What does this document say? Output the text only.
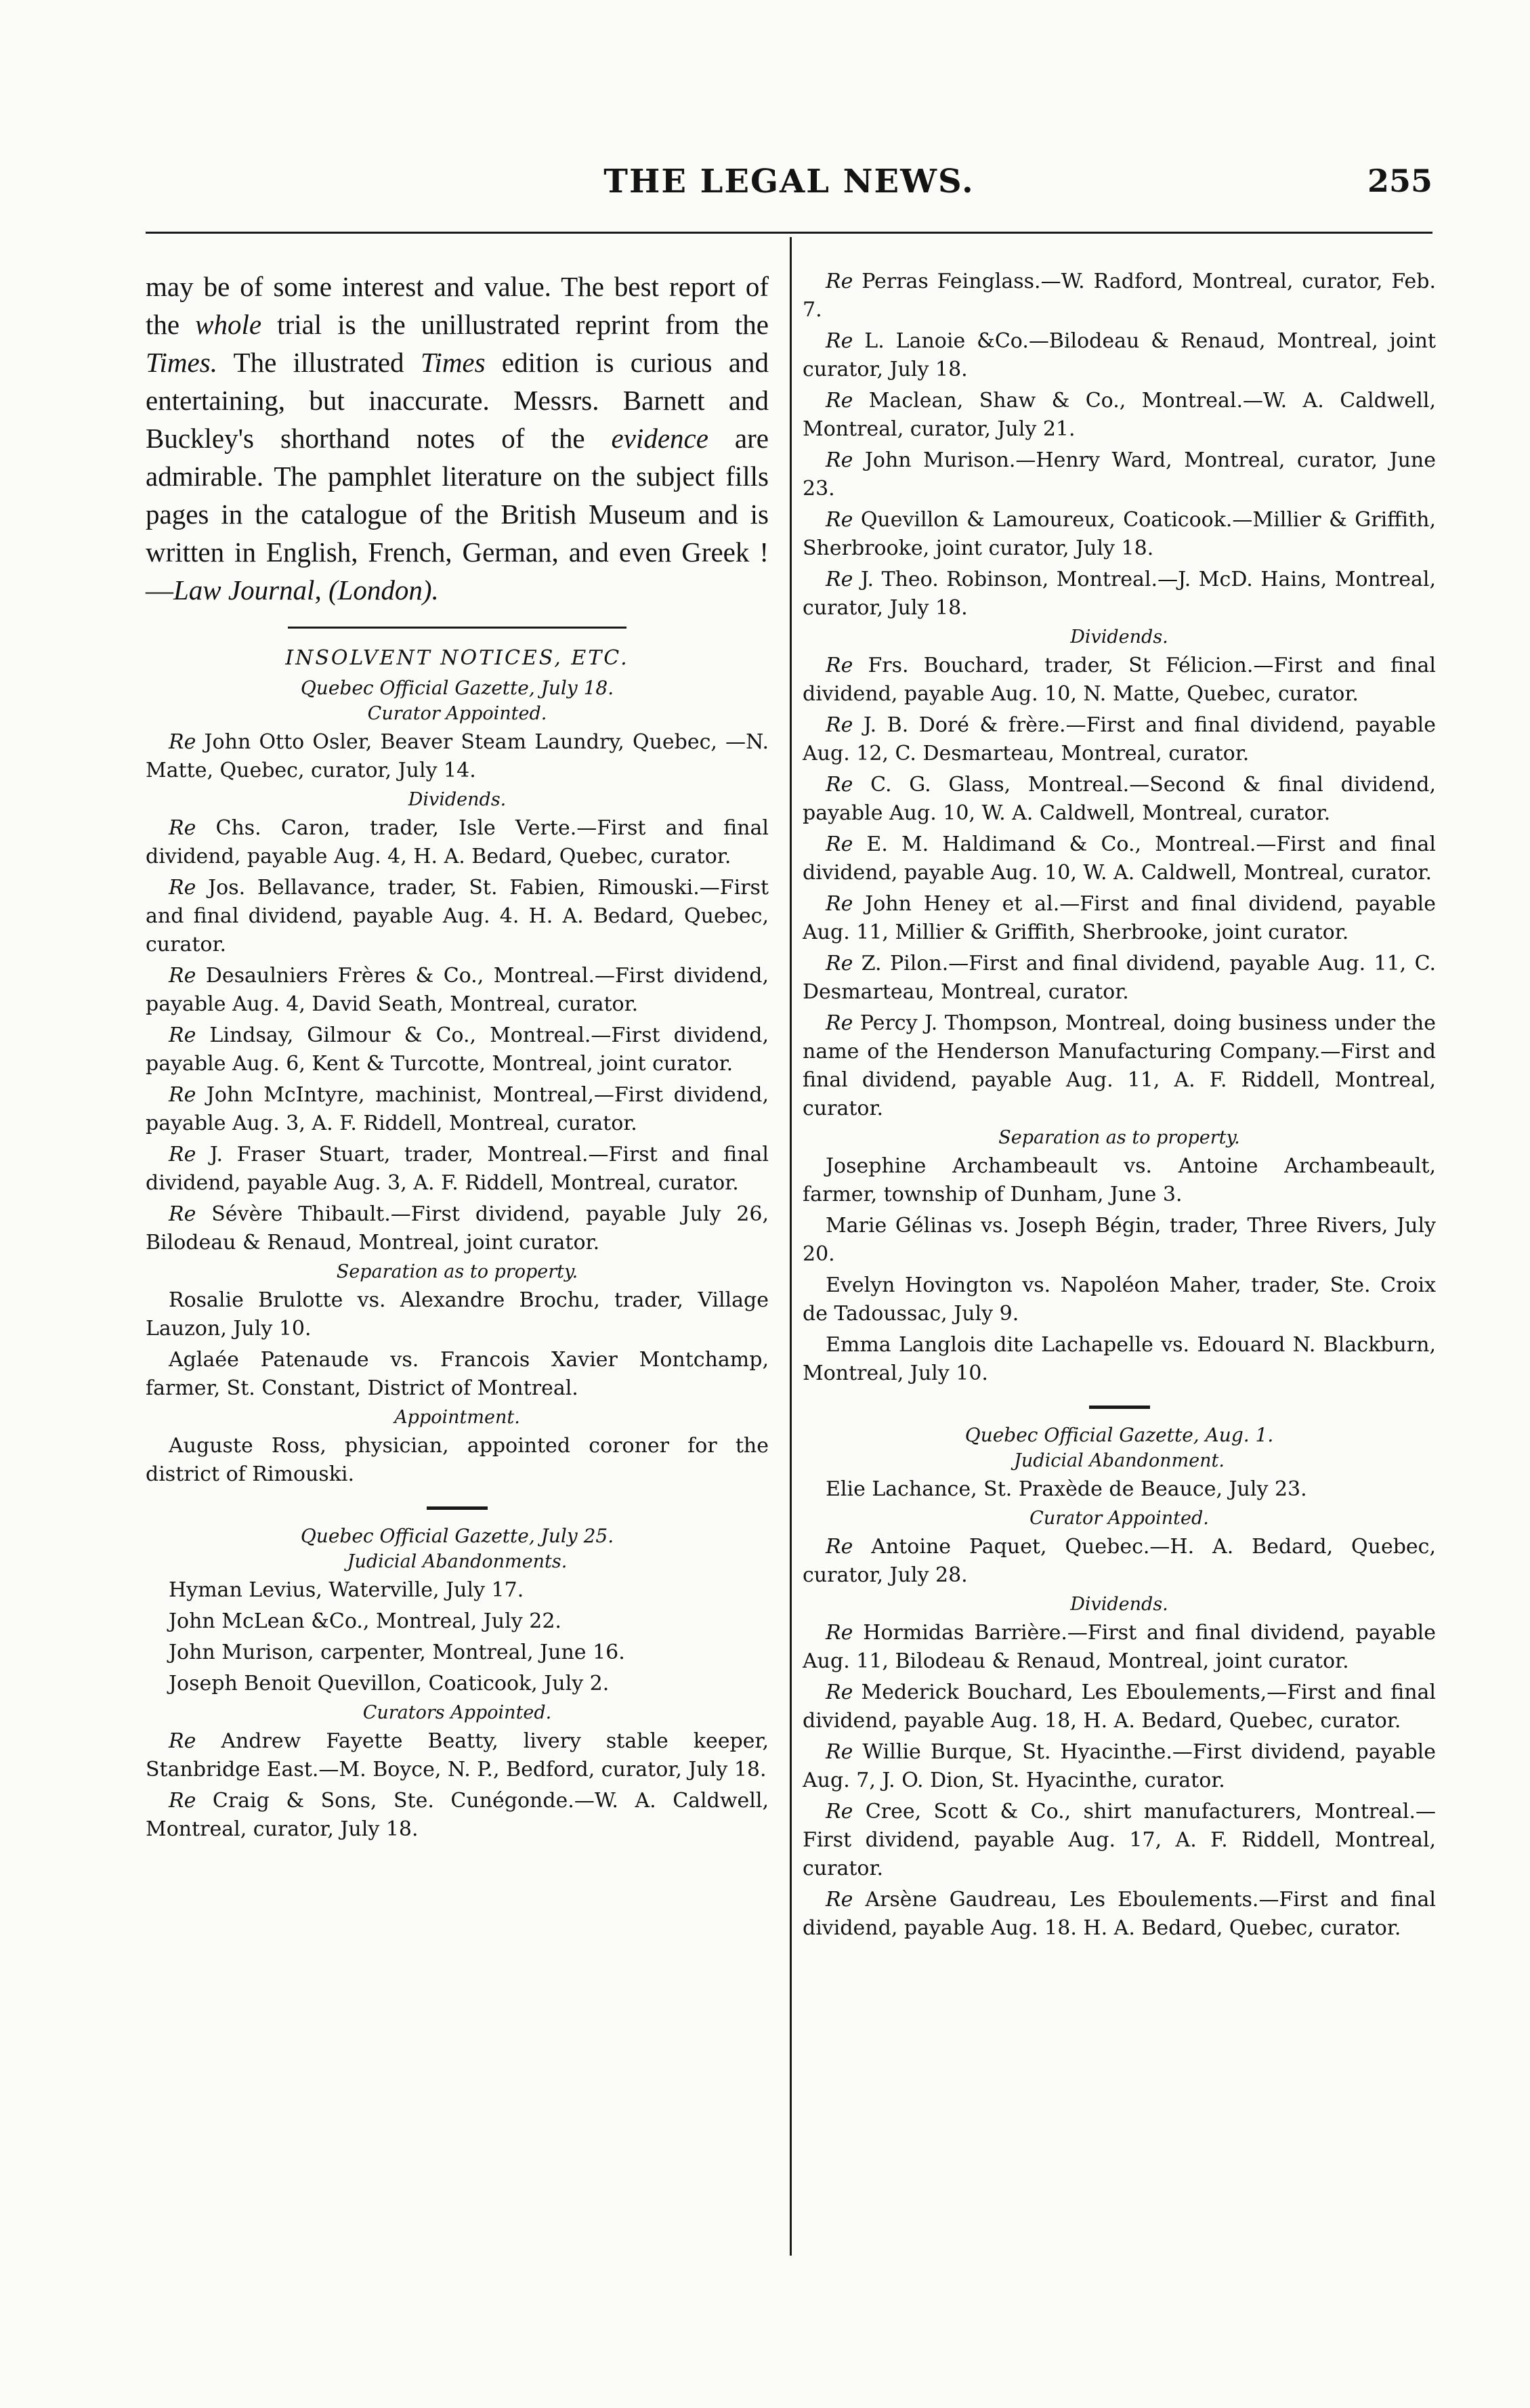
THE LEGAL NEWS.	255

may be of some interest and value. The best report of the whole trial is the unillustrated reprint from the Times. The illustrated Times edition is curious and entertaining, but inaccurate. Messrs. Barnett and Buckley's shorthand notes of the evidence are admirable. The pamphlet literature on the subject fills pages in the catalogue of the British Museum and is written in English, French, German, and even Greek !—Law Journal, (London).

INSOLVENT NOTICES, ETC.
Quebec Official Gazette, July 18.
Curator Appointed.

Re John Otto Osler, Beaver Steam Laundry, Quebec, —N. Matte, Quebec, curator, July 14.

Dividends.

Re Chs. Caron, trader, Isle Verte.—First and final dividend, payable Aug. 4, H. A. Bedard, Quebec, curator.

Re Jos. Bellavance, trader, St. Fabien, Rimouski.—First and final dividend, payable Aug. 4. H. A. Bedard, Quebec, curator.

Re Desaulniers Frères & Co., Montreal.—First dividend, payable Aug. 4, David Seath, Montreal, curator.

Re Lindsay, Gilmour & Co., Montreal.—First dividend, payable Aug. 6, Kent & Turcotte, Montreal, joint curator.

Re John McIntyre, machinist, Montreal,—First dividend, payable Aug. 3, A. F. Riddell, Montreal, curator.

Re J. Fraser Stuart, trader, Montreal.—First and final dividend, payable Aug. 3, A. F. Riddell, Montreal, curator.

Re Sévère Thibault.—First dividend, payable July 26, Bilodeau & Renaud, Montreal, joint curator.

Separation as to property.

Rosalie Brulotte vs. Alexandre Brochu, trader, Village Lauzon, July 10.

Aglaée Patenaude vs. Francois Xavier Montchamp, farmer, St. Constant, District of Montreal.

Appointment.

Auguste Ross, physician, appointed coroner for the district of Rimouski.

Quebec Official Gazette, July 25.
Judicial Abandonments.

Hyman Levius, Waterville, July 17.

John McLean &Co., Montreal, July 22.

John Murison, carpenter, Montreal, June 16.

Joseph Benoit Quevillon, Coaticook, July 2.

Curators Appointed.

Re Andrew Fayette Beatty, livery stable keeper, Stanbridge East.—M. Boyce, N. P., Bedford, curator, July 18.

Re Craig & Sons, Ste. Cunégonde.—W. A. Caldwell, Montreal, curator, July 18.

Re Perras Feinglass.—W. Radford, Montreal, curator, Feb. 7.

Re L. Lanoie &Co.—Bilodeau & Renaud, Montreal, joint curator, July 18.

Re Maclean, Shaw & Co., Montreal.—W. A. Caldwell, Montreal, curator, July 21.

Re John Murison.—Henry Ward, Montreal, curator, June 23.

Re Quevillon & Lamoureux, Coaticook.—Millier & Griffith, Sherbrooke, joint curator, July 18.

Re J. Theo. Robinson, Montreal.—J. McD. Hains, Montreal, curator, July 18.

Dividends.

Re Frs. Bouchard, trader, St Félicion.—First and final dividend, payable Aug. 10, N. Matte, Quebec, curator.

Re J. B. Doré & frère.—First and final dividend, payable Aug. 12, C. Desmarteau, Montreal, curator.

Re C. G. Glass, Montreal.—Second & final dividend, payable Aug. 10, W. A. Caldwell, Montreal, curator.

Re E. M. Haldimand & Co., Montreal.—First and final dividend, payable Aug. 10, W. A. Caldwell, Montreal, curator.

Re John Heney et al.—First and final dividend, payable Aug. 11, Millier & Griffith, Sherbrooke, joint curator.

Re Z. Pilon.—First and final dividend, payable Aug. 11, C. Desmarteau, Montreal, curator.

Re Percy J. Thompson, Montreal, doing business under the name of the Henderson Manufacturing Company.—First and final dividend, payable Aug. 11, A. F. Riddell, Montreal, curator.

Separation as to property.

Josephine Archambeault vs. Antoine Archambeault, farmer, township of Dunham, June 3.

Marie Gélinas vs. Joseph Bégin, trader, Three Rivers, July 20.

Evelyn Hovington vs. Napoléon Maher, trader, Ste. Croix de Tadoussac, July 9.

Emma Langlois dite Lachapelle vs. Edouard N. Blackburn, Montreal, July 10.

Quebec Official Gazette, Aug. 1.
Judicial Abandonment.

Elie Lachance, St. Praxède de Beauce, July 23.

Curator Appointed.

Re Antoine Paquet, Quebec.—H. A. Bedard, Quebec, curator, July 28.

Dividends.

Re Hormidas Barrière.—First and final dividend, payable Aug. 11, Bilodeau & Renaud, Montreal, joint curator.

Re Mederick Bouchard, Les Eboulements,—First and final dividend, payable Aug. 18, H. A. Bedard, Quebec, curator.

Re Willie Burque, St. Hyacinthe.—First dividend, payable Aug. 7, J. O. Dion, St. Hyacinthe, curator.

Re Cree, Scott & Co., shirt manufacturers, Montreal.—First dividend, payable Aug. 17, A. F. Riddell, Montreal, curator.

Re Arsène Gaudreau, Les Eboulements.—First and final dividend, payable Aug. 18. H. A. Bedard, Quebec, curator.
